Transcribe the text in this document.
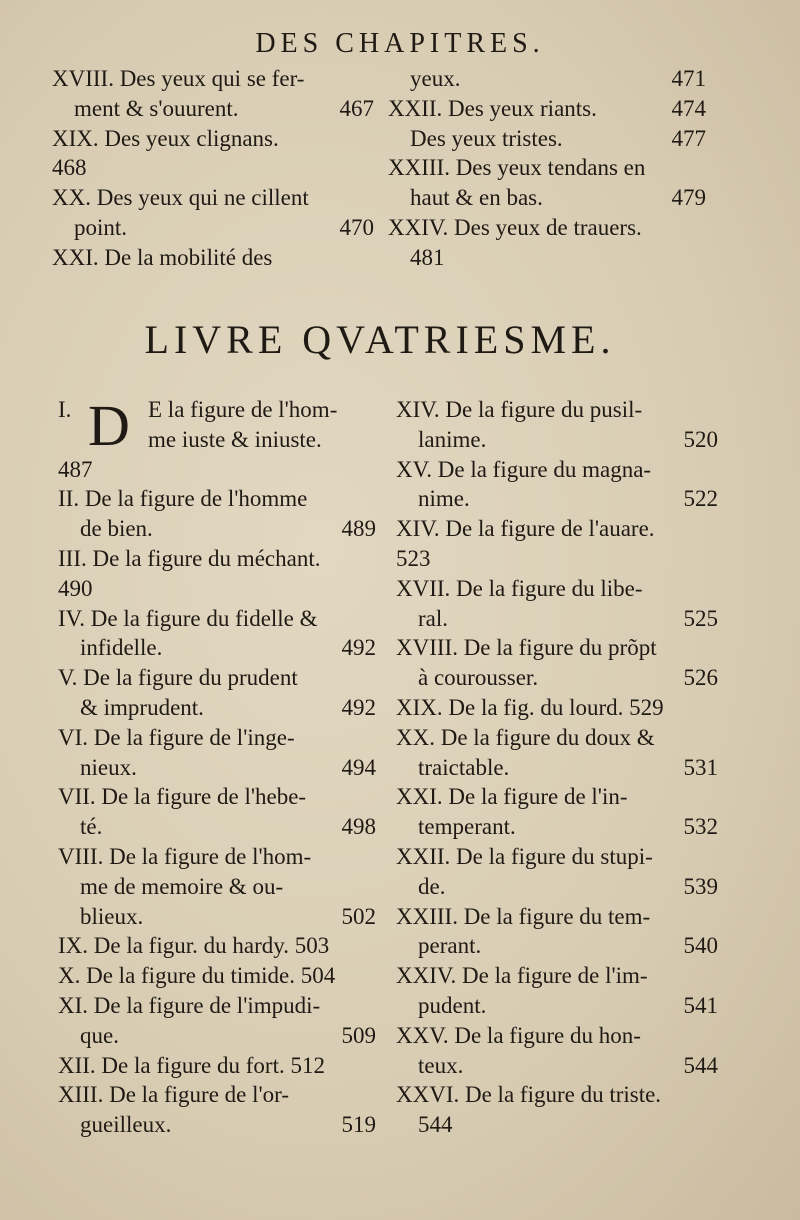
DES CHAPITRES.
XVIII. Des yeux qui se fer-
ment & s'ouurent.	467
XIX. Des yeux clignans.
468
XX. Des yeux qui ne cillent
point.	470
XXI. De la mobilité des
yeux.	471
XXII. Des yeux riants.	474
Des yeux tristes.	477
XXIII. Des yeux tendans en
haut & en bas.	479
XXIV. Des yeux de trauers.
481
LIVRE QVATRIESME.
I. D E la figure de l'hom-
me iuste & iniuste.
487
II. De la figure de l'homme
de bien.	489
III. De la figure du méchant.
490
IV. De la figure du fidelle &
infidelle.	492
V. De la figure du prudent
& imprudent.	492
VI. De la figure de l'inge-
nieux.	494
VII. De la figure de l'hebe-
té.	498
VIII. De la figure de l'hom-
me de memoire & ou-
blieux.	502
IX. De la figur. du hardy. 503
X. De la figure du timide. 504
XI. De la figure de l'impudi-
que.	509
XII. De la figure du fort. 512
XIII. De la figure de l'or-
gueilleux.	519
XIV. De la figure du pusil-
lanime.	520
XV. De la figure du magna-
nime.	522
XIV. De la figure de l'auare.
523
XVII. De la figure du libe-
ral.	525
XVIII. De la figure du prõpt
à courousser.	526
XIX. De la fig. du lourd. 529
XX. De la figure du doux &
traictable.	531
XXI. De la figure de l'in-
temperant.	532
XXII. De la figure du stupi-
de.	539
XXIII. De la figure du tem-
perant.	540
XXIV. De la figure de l'im-
pudent.	541
XXV. De la figure du hon-
teux.	544
XXVI. De la figure du triste.
544
